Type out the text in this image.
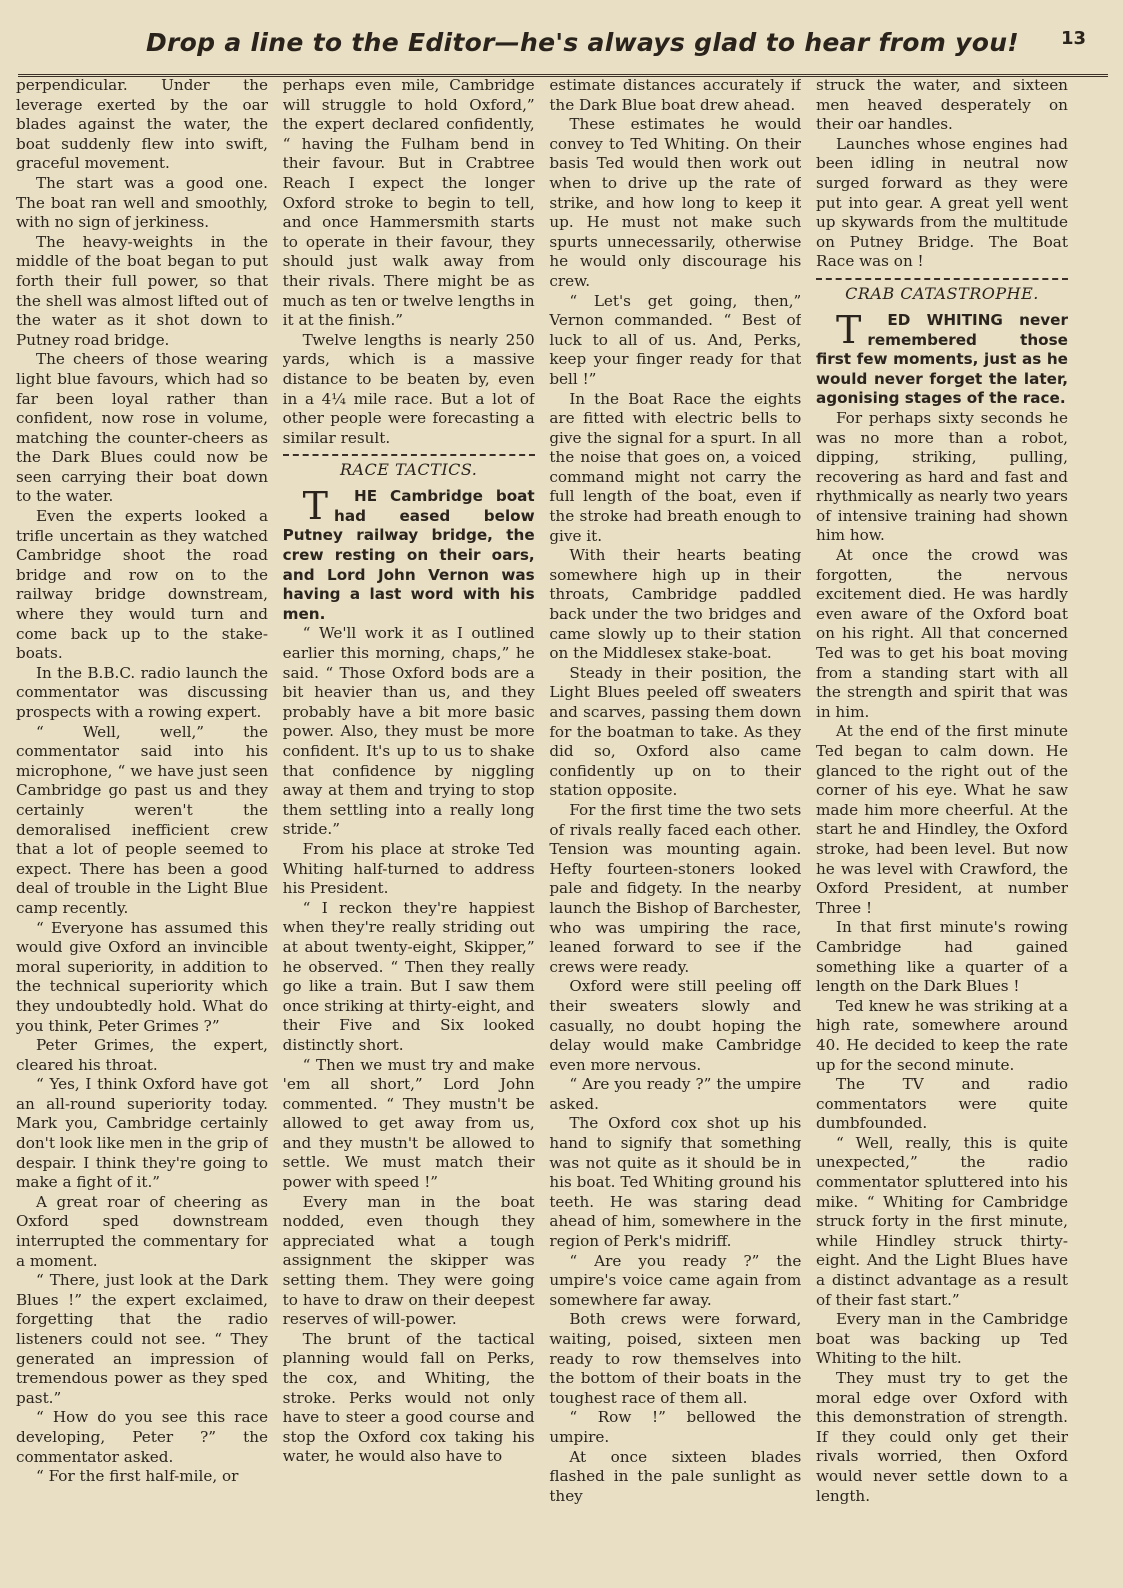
Drop a line to the Editor—he's always glad to hear from you! 13

perpendicular. Under the leverage exerted by the oar blades against the water, the boat suddenly flew into swift, graceful movement.

The start was a good one. The boat ran well and smoothly, with no sign of jerkiness.

The heavy-weights in the middle of the boat began to put forth their full power, so that the shell was almost lifted out of the water as it shot down to Putney road bridge.

The cheers of those wearing light blue favours, which had so far been loyal rather than confident, now rose in volume, matching the counter-cheers as the Dark Blues could now be seen carrying their boat down to the water.

Even the experts looked a trifle uncertain as they watched Cambridge shoot the road bridge and row on to the railway bridge downstream, where they would turn and come back up to the stake-boats.

In the B.B.C. radio launch the commentator was discussing prospects with a rowing expert.

“ Well, well,” the commentator said into his microphone, “ we have just seen Cambridge go past us and they certainly weren't the demoralised inefficient crew that a lot of people seemed to expect. There has been a good deal of trouble in the Light Blue camp recently.

“ Everyone has assumed this would give Oxford an invincible moral superiority, in addition to the technical superiority which they undoubtedly hold. What do you think, Peter Grimes ?”

Peter Grimes, the expert, cleared his throat.

“ Yes, I think Oxford have got an all-round superiority today. Mark you, Cambridge certainly don't look like men in the grip of despair. I think they're going to make a fight of it.”

A great roar of cheering as Oxford sped downstream interrupted the commentary for a moment.

“ There, just look at the Dark Blues !” the expert exclaimed, forgetting that the radio listeners could not see. “ They generated an impression of tremendous power as they sped past.”

“ How do you see this race developing, Peter ?” the commentator asked.

“ For the first half-mile, or

perhaps even mile, Cambridge will struggle to hold Oxford,” the expert declared confidently, “ having the Fulham bend in their favour. But in Crabtree Reach I expect the longer Oxford stroke to begin to tell, and once Hammersmith starts to operate in their favour, they should just walk away from their rivals. There might be as much as ten or twelve lengths in it at the finish.”

Twelve lengths is nearly 250 yards, which is a massive distance to be beaten by, even in a 4¼ mile race. But a lot of other people were forecasting a similar result.

RACE TACTICS.

T HE Cambridge boat had eased below Putney railway bridge, the crew resting on their oars, and Lord John Vernon was having a last word with his men.

“ We'll work it as I outlined earlier this morning, chaps,” he said. “ Those Oxford bods are a bit heavier than us, and they probably have a bit more basic power. Also, they must be more confident. It's up to us to shake that confidence by niggling away at them and trying to stop them settling into a really long stride.”

From his place at stroke Ted Whiting half-turned to address his President.

“ I reckon they're happiest when they're really striding out at about twenty-eight, Skipper,” he observed. “ Then they really go like a train. But I saw them once striking at thirty-eight, and their Five and Six looked distinctly short.

“ Then we must try and make 'em all short,” Lord John commented. “ They mustn't be allowed to get away from us, and they mustn't be allowed to settle. We must match their power with speed !”

Every man in the boat nodded, even though they appreciated what a tough assignment the skipper was setting them. They were going to have to draw on their deepest reserves of will-power.

The brunt of the tactical planning would fall on Perks, the cox, and Whiting, the stroke. Perks would not only have to steer a good course and stop the Oxford cox taking his water, he would also have to

estimate distances accurately if the Dark Blue boat drew ahead.

These estimates he would convey to Ted Whiting. On their basis Ted would then work out when to drive up the rate of strike, and how long to keep it up. He must not make such spurts unnecessarily, otherwise he would only discourage his crew.

“ Let's get going, then,” Vernon commanded. “ Best of luck to all of us. And, Perks, keep your finger ready for that bell !”

In the Boat Race the eights are fitted with electric bells to give the signal for a spurt. In all the noise that goes on, a voiced command might not carry the full length of the boat, even if the stroke had breath enough to give it.

With their hearts beating somewhere high up in their throats, Cambridge paddled back under the two bridges and came slowly up to their station on the Middlesex stake-boat.

Steady in their position, the Light Blues peeled off sweaters and scarves, passing them down for the boatman to take. As they did so, Oxford also came confidently up on to their station opposite.

For the first time the two sets of rivals really faced each other. Tension was mounting again. Hefty fourteen-stoners looked pale and fidgety. In the nearby launch the Bishop of Barchester, who was umpiring the race, leaned forward to see if the crews were ready.

Oxford were still peeling off their sweaters slowly and casually, no doubt hoping the delay would make Cambridge even more nervous.

“ Are you ready ?” the umpire asked.

The Oxford cox shot up his hand to signify that something was not quite as it should be in his boat. Ted Whiting ground his teeth. He was staring dead ahead of him, somewhere in the region of Perk's midriff.

“ Are you ready ?” the umpire's voice came again from somewhere far away.

Both crews were forward, waiting, poised, sixteen men ready to row themselves into the bottom of their boats in the toughest race of them all.

“ Row !” bellowed the umpire.

At once sixteen blades flashed in the pale sunlight as they

struck the water, and sixteen men heaved desperately on their oar handles.

Launches whose engines had been idling in neutral now surged forward as they were put into gear. A great yell went up skywards from the multitude on Putney Bridge. The Boat Race was on !

CRAB CATASTROPHE.

T ED WHITING never remembered those first few moments, just as he would never forget the later, agonising stages of the race.

For perhaps sixty seconds he was no more than a robot, dipping, striking, pulling, recovering as hard and fast and rhythmically as nearly two years of intensive training had shown him how.

At once the crowd was forgotten, the nervous excitement died. He was hardly even aware of the Oxford boat on his right. All that concerned Ted was to get his boat moving from a standing start with all the strength and spirit that was in him.

At the end of the first minute Ted began to calm down. He glanced to the right out of the corner of his eye. What he saw made him more cheerful. At the start he and Hindley, the Oxford stroke, had been level. But now he was level with Crawford, the Oxford President, at number Three !

In that first minute's rowing Cambridge had gained something like a quarter of a length on the Dark Blues !

Ted knew he was striking at a high rate, somewhere around 40. He decided to keep the rate up for the second minute.

The TV and radio commentators were quite dumbfounded.

“ Well, really, this is quite unexpected,” the radio commentator spluttered into his mike. “ Whiting for Cambridge struck forty in the first minute, while Hindley struck thirty-eight. And the Light Blues have a distinct advantage as a result of their fast start.”

Every man in the Cambridge boat was backing up Ted Whiting to the hilt.

They must try to get the moral edge over Oxford with this demonstration of strength. If they could only get their rivals worried, then Oxford would never settle down to a length.
